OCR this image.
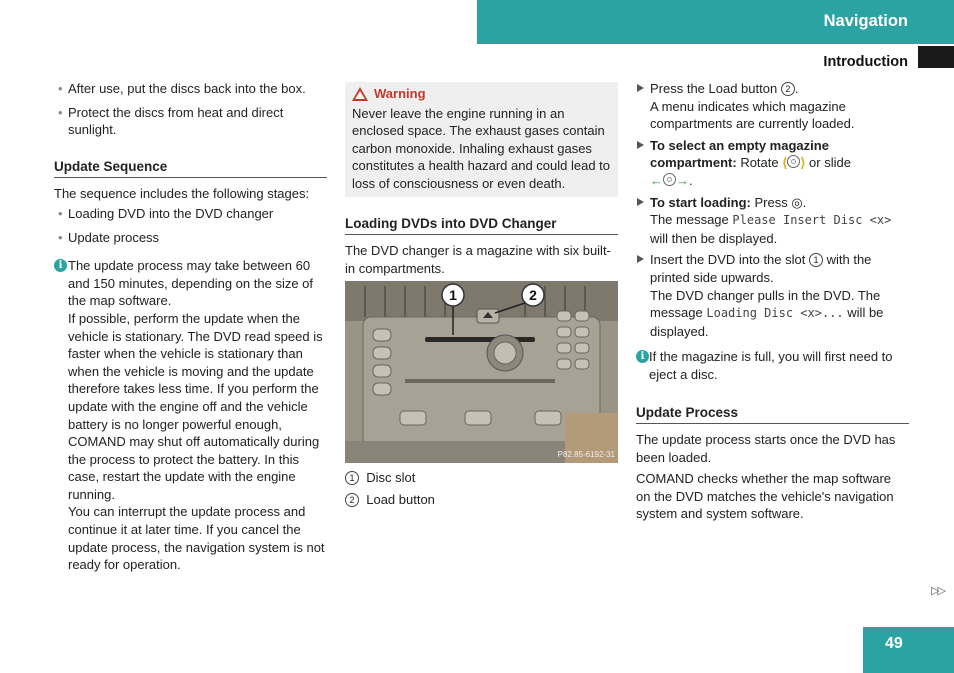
Navigation
Introduction
• After use, put the discs back into the box.
• Protect the discs from heat and direct sunlight.
Update Sequence
The sequence includes the following stages:
• Loading DVD into the DVD changer
• Update process
i The update process may take between 60 and 150 minutes, depending on the size of the map software.
If possible, perform the update when the vehicle is stationary. The DVD read speed is faster when the vehicle is stationary than when the vehicle is moving and the update therefore takes less time. If you perform the update with the engine off and the vehicle battery is no longer powerful enough, COMAND may shut off automatically during the process to protect the battery. In this case, restart the update with the engine running.
You can interrupt the update process and continue it at later time. If you cancel the update process, the navigation system is not ready for operation.
Warning
Never leave the engine running in an enclosed space. The exhaust gases contain carbon monoxide. Inhaling exhaust gases constitutes a health hazard and could lead to loss of consciousness or even death.
Loading DVDs into DVD Changer
The DVD changer is a magazine with six built-in compartments.
1	2
P82.85-6192-31
1 Disc slot
2 Load button
Press the Load button 2 .
A menu indicates which magazine compartments are currently loaded.
To select an empty magazine compartment: Rotate ⟨ ⟩ or slide
← →.
To start loading: Press ◎.
The message Please Insert Disc <x> will then be displayed.
Insert the DVD into the slot 1 with the printed side upwards.
The DVD changer pulls in the DVD. The message Loading Disc <x>... will be displayed.
i If the magazine is full, you will first need to eject a disc.
Update Process
The update process starts once the DVD has been loaded.
COMAND checks whether the map software on the DVD matches the vehicle's navigation system and system software.
▷▷
49
